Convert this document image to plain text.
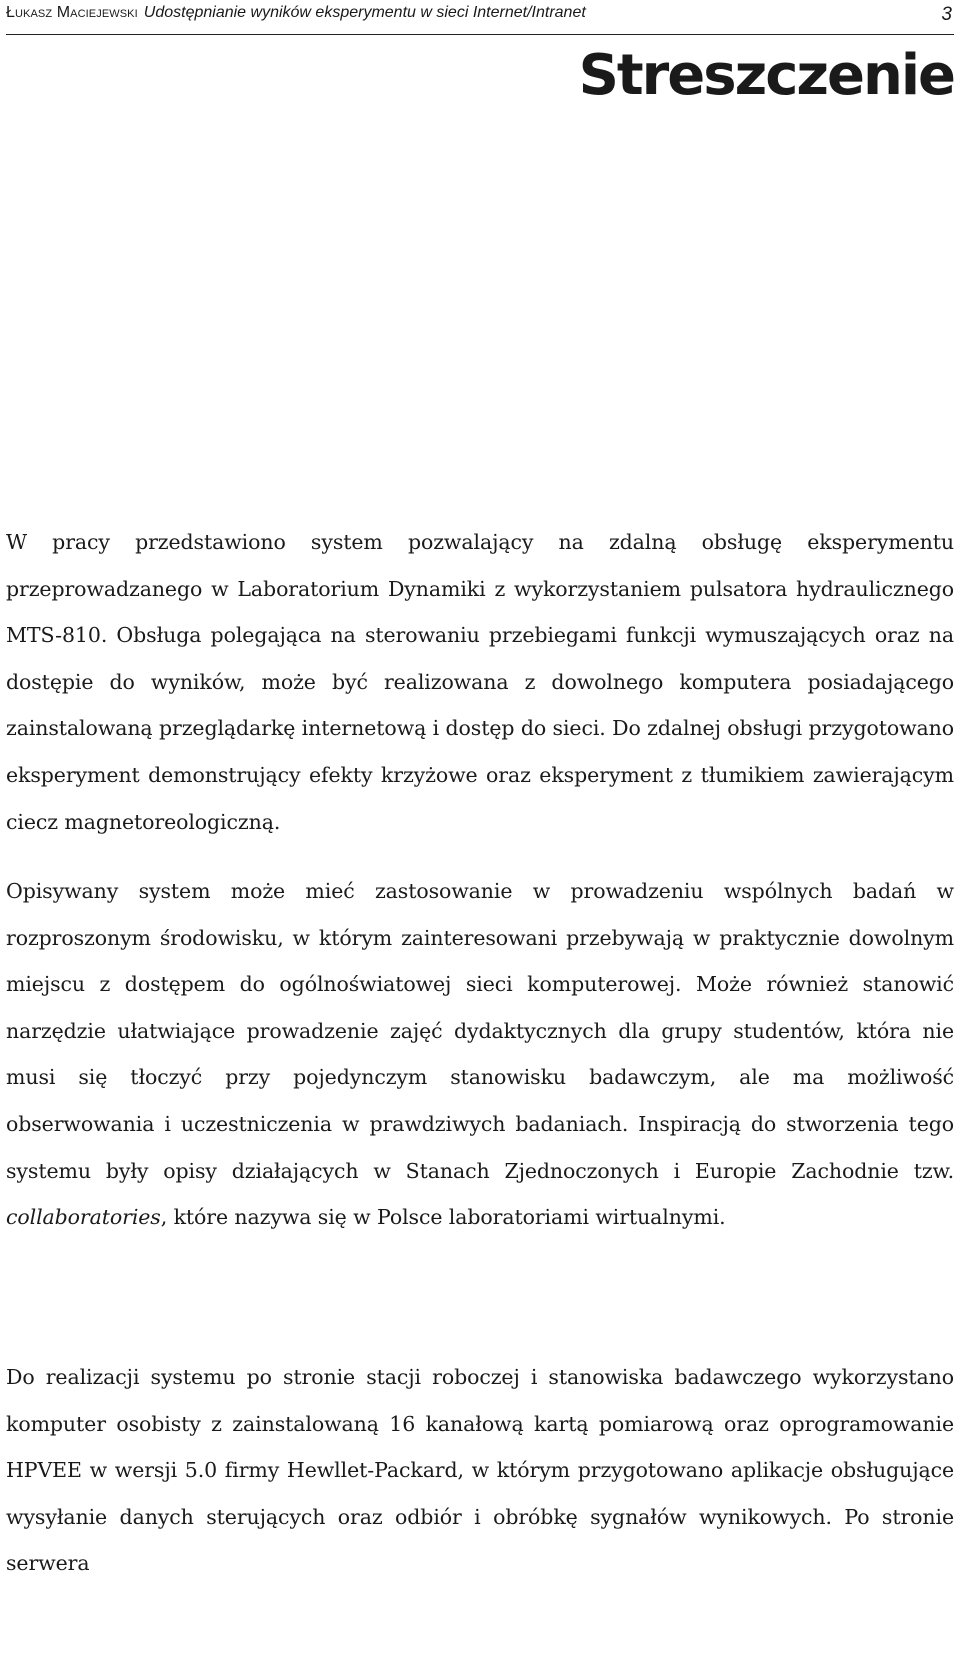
Łukasz Maciejewski Udostępnianie wyników eksperymentu w sieci Internet/Intranet	3
Streszczenie

W pracy przedstawiono system pozwalający na zdalną obsługę eksperymentu przeprowadzanego w Laboratorium Dynamiki z wykorzystaniem pulsatora hydraulicznego MTS-810. Obsługa polegająca na sterowaniu przebiegami funkcji wymuszających oraz na dostępie do wyników, może być realizowana z dowolnego komputera posiadającego zainstalowaną przeglądarkę internetową i dostęp do sieci. Do zdalnej obsługi przygotowano eksperyment demonstrujący efekty krzyżowe oraz eksperyment z tłumikiem zawierającym ciecz magnetoreologiczną.

Opisywany system może mieć zastosowanie w prowadzeniu wspólnych badań w rozproszonym środowisku, w którym zainteresowani przebywają w praktycznie dowolnym miejscu z dostępem do ogólnoświatowej sieci komputerowej. Może również stanowić narzędzie ułatwiające prowadzenie zajęć dydaktycznych dla grupy studentów, która nie musi się tłoczyć przy pojedynczym stanowisku badawczym, ale ma możliwość obserwowania i uczestniczenia w prawdziwych badaniach. Inspiracją do stworzenia tego systemu były opisy działających w Stanach Zjednoczonych i Europie Zachodnie tzw. collaboratories, które nazywa się w Polsce laboratoriami wirtualnymi.

Do realizacji systemu po stronie stacji roboczej i stanowiska badawczego wykorzystano komputer osobisty z zainstalowaną 16 kanałową kartą pomiarową oraz oprogramowanie HPVEE w wersji 5.0 firmy Hewllet-Packard, w którym przygotowano aplikacje obsługujące wysyłanie danych sterujących oraz odbiór i obróbkę sygnałów wynikowych. Po stronie serwera
